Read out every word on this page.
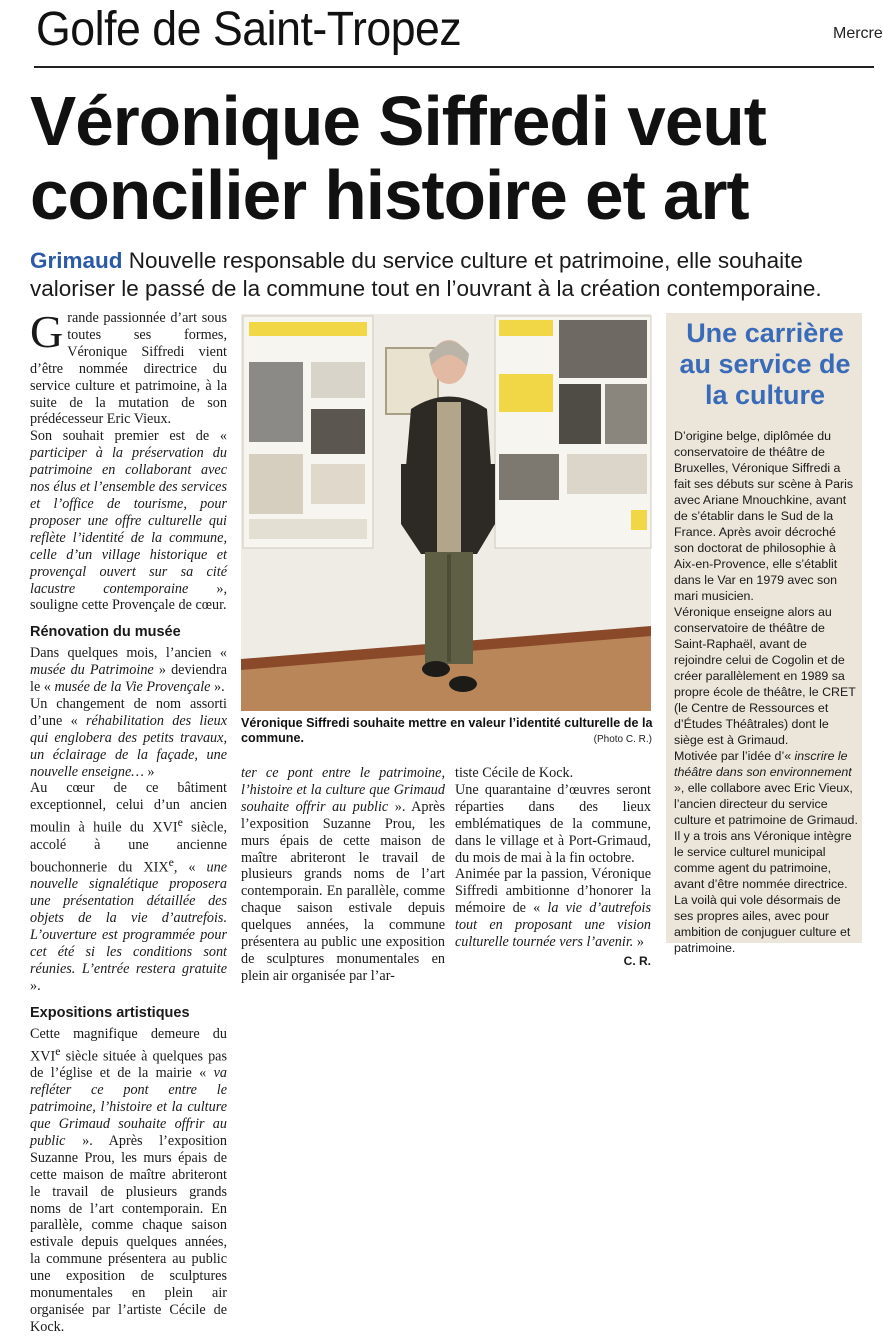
Golfe de Saint-Tropez	Mercre
Véronique Siffredi veut
concilier histoire et art
Grimaud Nouvelle responsable du service culture et patrimoine, elle souhaite
valoriser le passé de la commune tout en l’ouvrant à la création contemporaine.

Grande passionnée d’art sous toutes ses formes, Véronique Siffredi vient d’être nommée directrice du service culture et patrimoine, à la suite de la mutation de son prédécesseur Eric Vieux.

Son souhait premier est de « participer à la préservation du patrimoine en collaborant avec nos élus et l’ensemble des services et l’office de tourisme, pour proposer une offre culturelle qui reflète l’identité de la commune, celle d’un village historique et provençal ouvert sur sa cité lacustre contemporaine », souligne cette Provençale de cœur.

Rénovation du musée

Dans quelques mois, l’ancien « musée du Patrimoine » deviendra le « musée de la Vie Provençale ».

Un changement de nom assorti d’une « réhabilitation des lieux qui englobera des petits travaux, un éclairage de la façade, une nouvelle enseigne… »

Au cœur de ce bâtiment exceptionnel, celui d’un ancien moulin à huile du XVIe siècle, accolé à une ancienne bouchonnerie du XIXe, « une nouvelle signalétique proposera une présentation détaillée des objets de la vie d’autrefois. L’ouverture est programmée pour cet été si les conditions sont réunies. L’entrée restera gratuite ».

Expositions artistiques

Cette magnifique demeure du XVIe siècle située à quelques pas de l’église et de la mairie « va refléter ce pont entre le patrimoine, l’histoire et la culture que Grimaud souhaite offrir au public ». Après l’exposition Suzanne Prou, les murs épais de cette maison de maître abriteront le travail de plusieurs grands noms de l’art contemporain. En parallèle, comme chaque saison estivale depuis quelques années, la commune présentera au public une exposition de sculptures monumentales en plein air organisée par l’artiste Cécile de Kock.

Véronique Siffredi souhaite mettre en valeur l’identité culturelle de la commune.	(Photo C. R.)

ter ce pont entre le patrimoine, l’histoire et la culture que Grimaud souhaite offrir au public ». Après l’exposition Suzanne Prou, les murs épais de cette maison de maître abriteront le travail de plusieurs grands noms de l’art contemporain. En parallèle, comme chaque saison estivale depuis quelques années, la commune présentera au public une exposition de sculptures monumentales en plein air organisée par l’ar-

tiste Cécile de Kock.

Une quarantaine d’œuvres seront réparties dans des lieux emblématiques de la commune, dans le village et à Port-Grimaud, du mois de mai à la fin octobre.

Animée par la passion, Véronique Siffredi ambitionne d’honorer la mémoire de « la vie d’autrefois tout en proposant une vision culturelle tournée vers l’avenir. »

C. R.

Une carrière au service de la culture

D’origine belge, diplômée du conservatoire de théâtre de Bruxelles, Véronique Siffredi a fait ses débuts sur scène à Paris avec Ariane Mnouchkine, avant de s’établir dans le Sud de la France. Après avoir décroché son doctorat de philosophie à Aix-en-Provence, elle s’établit dans le Var en 1979 avec son mari musicien.

Véronique enseigne alors au conservatoire de théâtre de Saint-Raphaël, avant de rejoindre celui de Cogolin et de créer parallèlement en 1989 sa propre école de théâtre, le CRET (le Centre de Ressources et d’Études Théâtrales) dont le siège est à Grimaud.

Motivée par l’idée d’« inscrire le théâtre dans son environnement », elle collabore avec Eric Vieux, l’ancien directeur du service culture et patrimoine de Grimaud. Il y a trois ans Véronique intègre le service culturel municipal comme agent du patrimoine, avant d’être nommée directrice. La voilà qui vole désormais de ses propres ailes, avec pour ambition de conjuguer culture et patrimoine.
